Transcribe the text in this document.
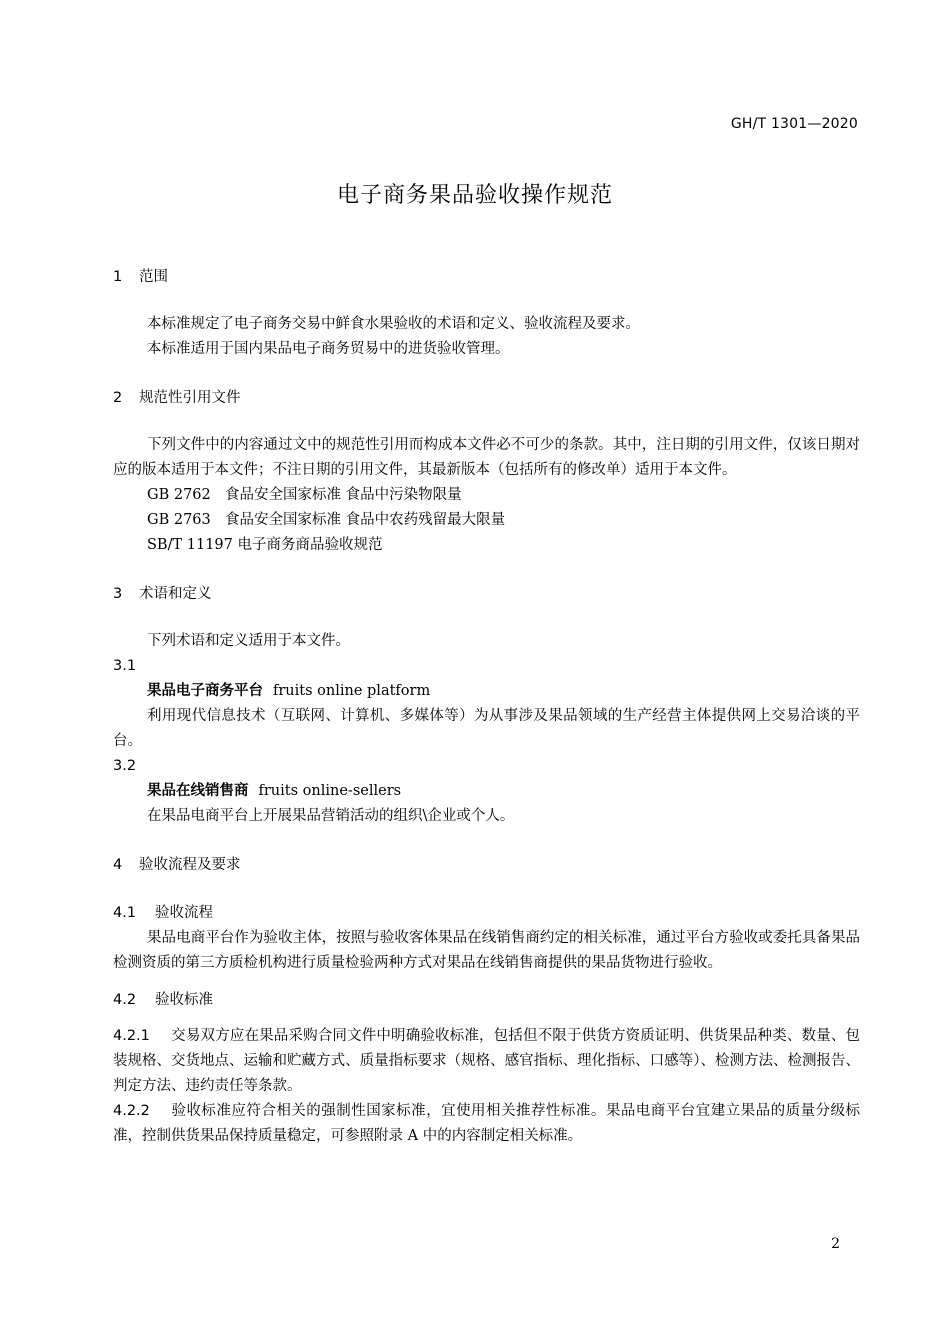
GH/T 1301—2020
电子商务果品验收操作规范
1 范围

本标准规定了电子商务交易中鲜食水果验收的术语和定义、验收流程及要求。

本标准适用于国内果品电子商务贸易中的进货验收管理。

2 规范性引用文件

下列文件中的内容通过文中的规范性引用而构成本文件必不可少的条款。其中，注日期的引用文件，仅该日期对应的版本适用于本文件；不注日期的引用文件，其最新版本（包括所有的修改单）适用于本文件。

GB 2762 食品安全国家标准 食品中污染物限量

GB 2763 食品安全国家标准 食品中农药残留最大限量

SB/T 11197 电子商务商品验收规范

3 术语和定义

下列术语和定义适用于本文件。

3.1

果品电子商务平台 fruits online platform

利用现代信息技术（互联网、计算机、多媒体等）为从事涉及果品领域的生产经营主体提供网上交易洽谈的平台。

3.2

果品在线销售商 fruits online-sellers

在果品电商平台上开展果品营销活动的组织\企业或个人。

4 验收流程及要求
4.1 验收流程

果品电商平台作为验收主体，按照与验收客体果品在线销售商约定的相关标准，通过平台方验收或委托具备果品检测资质的第三方质检机构进行质量检验两种方式对果品在线销售商提供的果品货物进行验收。

4.2 验收标准

4.2.1 交易双方应在果品采购合同文件中明确验收标准，包括但不限于供货方资质证明、供货果品种类、数量、包装规格、交货地点、运输和贮藏方式、质量指标要求（规格、感官指标、理化指标、口感等）、检测方法、检测报告、判定方法、违约责任等条款。

4.2.2 验收标准应符合相关的强制性国家标准，宜使用相关推荐性标准。果品电商平台宜建立果品的质量分级标准，控制供货果品保持质量稳定，可参照附录 A 中的内容制定相关标准。

2
